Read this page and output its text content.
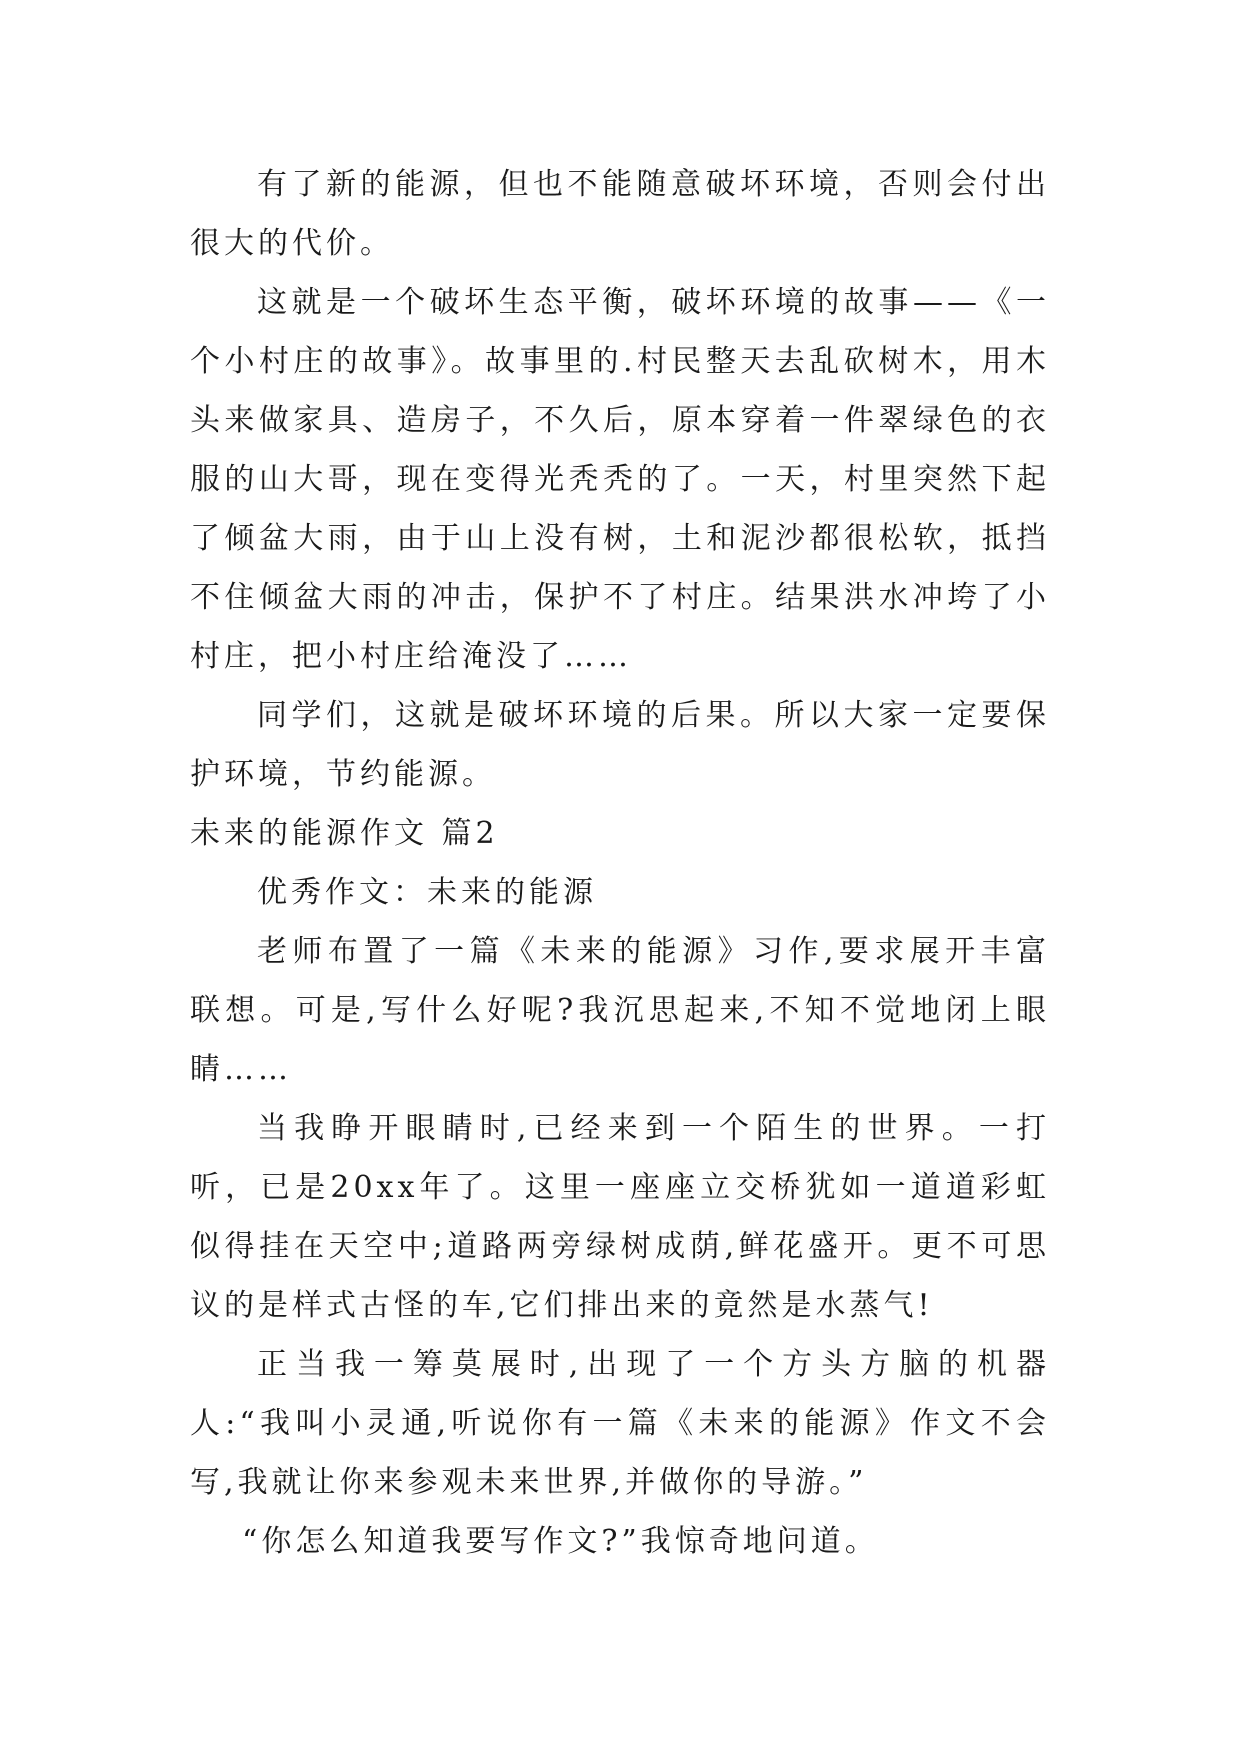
有了新的能源，但也不能随意破坏环境，否则会付出很大的代价。

这就是一个破坏生态平衡，破坏环境的故事——《一个小村庄的故事》。故事里的.村民整天去乱砍树木，用木头来做家具、造房子，不久后，原本穿着一件翠绿色的衣服的山大哥，现在变得光秃秃的了。一天，村里突然下起了倾盆大雨，由于山上没有树，土和泥沙都很松软，抵挡不住倾盆大雨的冲击，保护不了村庄。结果洪水冲垮了小村庄，把小村庄给淹没了……

同学们，这就是破坏环境的后果。所以大家一定要保护环境，节约能源。

未来的能源作文 篇2

优秀作文：未来的能源

老师布置了一篇《未来的能源》习作,要求展开丰富联想。可是,写什么好呢?我沉思起来,不知不觉地闭上眼睛……

当我睁开眼睛时,已经来到一个陌生的世界。一打听，已是20xx年了。这里一座座立交桥犹如一道道彩虹似得挂在天空中;道路两旁绿树成荫,鲜花盛开。更不可思议的是样式古怪的车,它们排出来的竟然是水蒸气!

正当我一筹莫展时,出现了一个方头方脑的机器人:“我叫小灵通,听说你有一篇《未来的能源》作文不会写,我就让你来参观未来世界,并做你的导游。”

“你怎么知道我要写作文?”我惊奇地问道。
